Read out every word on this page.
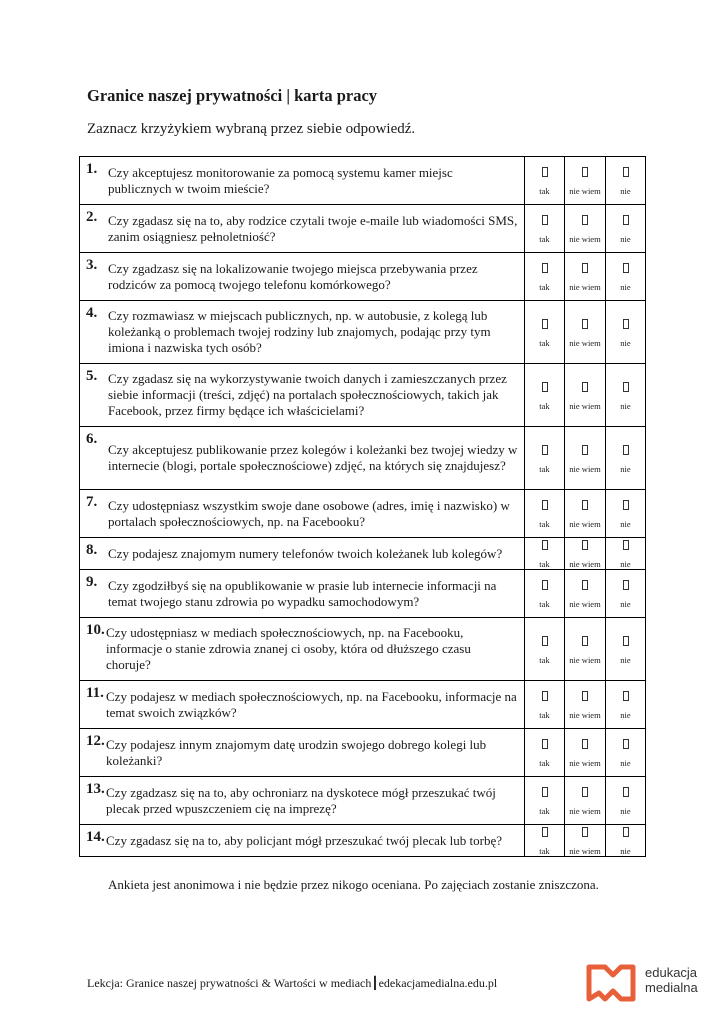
Granice naszej prywatności | karta pracy
Zaznacz krzyżykiem wybraną przez siebie odpowiedź.
1. Czy akceptujesz monitorowanie za pomocą systemu kamer miejsc publicznych w twoim mieście?	tak	nie wiem	nie

2. Czy zgadasz się na to, aby rodzice czytali twoje e-maile lub wiadomości SMS, zanim osiągniesz pełnoletniość?	tak	nie wiem	nie

3. Czy zgadzasz się na lokalizowanie twojego miejsca przebywania przez rodziców za pomocą twojego telefonu komórkowego?	tak	nie wiem	nie

4. Czy rozmawiasz w miejscach publicznych, np. w autobusie, z kolegą lub koleżanką o problemach twojej rodziny lub znajomych, podając przy tym imiona i nazwiska tych osób?	tak	nie wiem	nie

5. Czy zgadasz się na wykorzystywanie twoich danych i zamieszczanych przez siebie informacji (treści, zdjęć) na portalach społecznościowych, takich jak Facebook, przez firmy będące ich właścicielami?	tak	nie wiem	nie

6.
Czy akceptujesz publikowanie przez kolegów i koleżanki bez twojej wiedzy w internecie (blogi, portale społecznościowe) zdjęć, na których się znajdujesz?	tak	nie wiem	nie

7. Czy udostępniasz wszystkim swoje dane osobowe (adres, imię i nazwisko) w portalach społecznościowych, np. na Facebooku?	tak	nie wiem	nie

8. Czy podajesz znajomym numery telefonów twoich koleżanek lub kolegów?	tak	nie wiem	nie

9. Czy zgodziłbyś się na opublikowanie w prasie lub internecie informacji na temat twojego stanu zdrowia po wypadku samochodowym?	tak	nie wiem	nie

10. Czy udostępniasz w mediach społecznościowych, np. na Facebooku, informacje o stanie zdrowia znanej ci osoby, która od dłuższego czasu choruje?	tak	nie wiem	nie

11. Czy podajesz w mediach społecznościowych, np. na Facebooku, informacje na temat swoich związków?	tak	nie wiem	nie

12. Czy podajesz innym znajomym datę urodzin swojego dobrego kolegi lub koleżanki?	tak	nie wiem	nie

13. Czy zgadzasz się na to, aby ochroniarz na dyskotece mógł przeszukać twój plecak przed wpuszczeniem cię na imprezę?	tak	nie wiem	nie

14. Czy zgadasz się na to, aby policjant mógł przeszukać twój plecak lub torbę?	tak	nie wiem	nie
Ankieta jest anonimowa i nie będzie przez nikogo oceniana. Po zajęciach zostanie zniszczona.
Lekcja: Granice naszej prywatności & Wartości w mediach┃edekacjamedialna.edu.pl
edukacja
medialna
